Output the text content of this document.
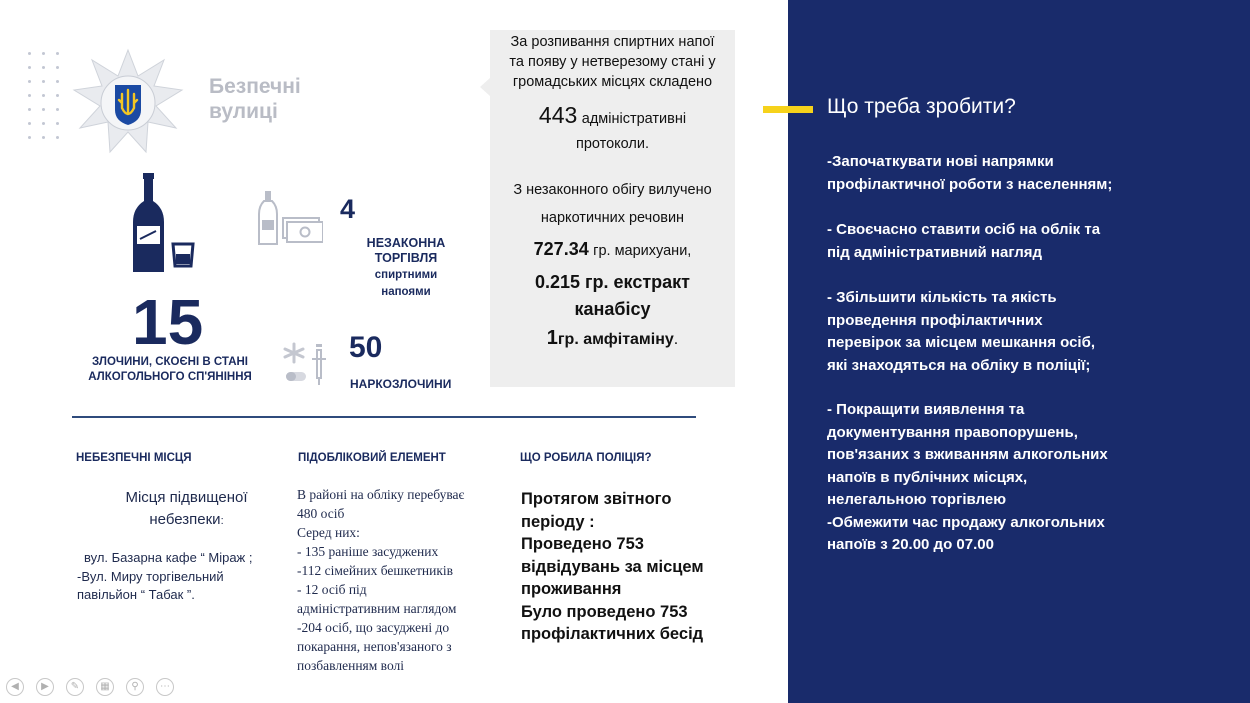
Безпечні
вулиці
4
НЕЗАКОННА
ТОРГІВЛЯ
спиртними
напоями
15
ЗЛОЧИНИ, СКОЄНІ В СТАНІ
АЛКОГОЛЬНОГО СП'ЯНІННЯ
50
НАРКОЗЛОЧИНИ
За розпивання спиртних напої
та появу у нетверезому стані у
громадських місцях складено
443 адміністративні
протоколи.
З незаконного обігу вилучено
наркотичних речовин
727.34 гр. марихуани,
0.215 гр. екстракт
канабісу
1гр. амфітаміну.
НЕБЕЗПЕЧНІ МІСЦЯ
Місця підвищеної
небезпеки:
вул. Базарна кафе “ Мiраж ;
-Вул. Миру торгівельний
павільйон “ Табак ”.
ПІДОБЛІКОВИЙ ЕЛЕМЕНТ
В районі на обліку перебуває
480 осіб
Серед них:
- 135 раніше засуджених
-112 сімейних бешкетників
- 12 осіб під
адміністративним наглядом
-204 осіб, що засуджені до
покарання, непов'язаного з
позбавленням волі
ЩО РОБИЛА ПОЛІЦІЯ?
Протягом звітного
періоду :
Проведено 753
відвідувань за місцем
проживання
Було проведено 753
профілактичних бесід
Що треба зробити?
-Започаткувати нові напрямки
профілактичної роботи з населенням;
- Своєчасно ставити осіб на облік та
під адміністративний нагляд
- Збільшити кількість та якість
проведення профілактичних
перевірок за місцем мешкання осіб,
які знаходяться на обліку в поліції;
- Покращити виявлення та
документування правопорушень,
пов'язаних з вживанням алкогольних
напоїв в публічних місцях,
нелегальною торгівлею
-Обмежити час продажу алкогольних
напоїв з 20.00 до 07.00
◀	▶	✎	▦	⚲	⋯
